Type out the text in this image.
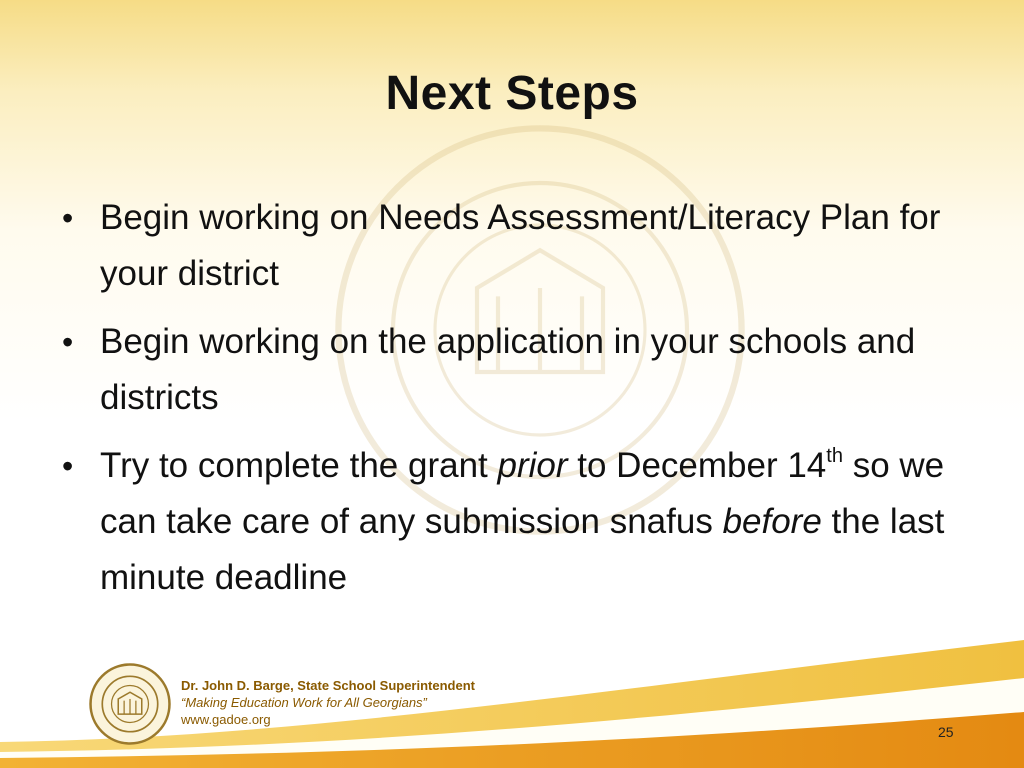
Next Steps
• Begin working on Needs Assessment/Literacy Plan for your district
• Begin working on the application in your schools and districts
• Try to complete the grant prior to December 14th so we can take care of any submission snafus before the last minute deadline
Dr. John D. Barge, State School Superintendent
“Making Education Work for All Georgians”
www.gadoe.org
25
